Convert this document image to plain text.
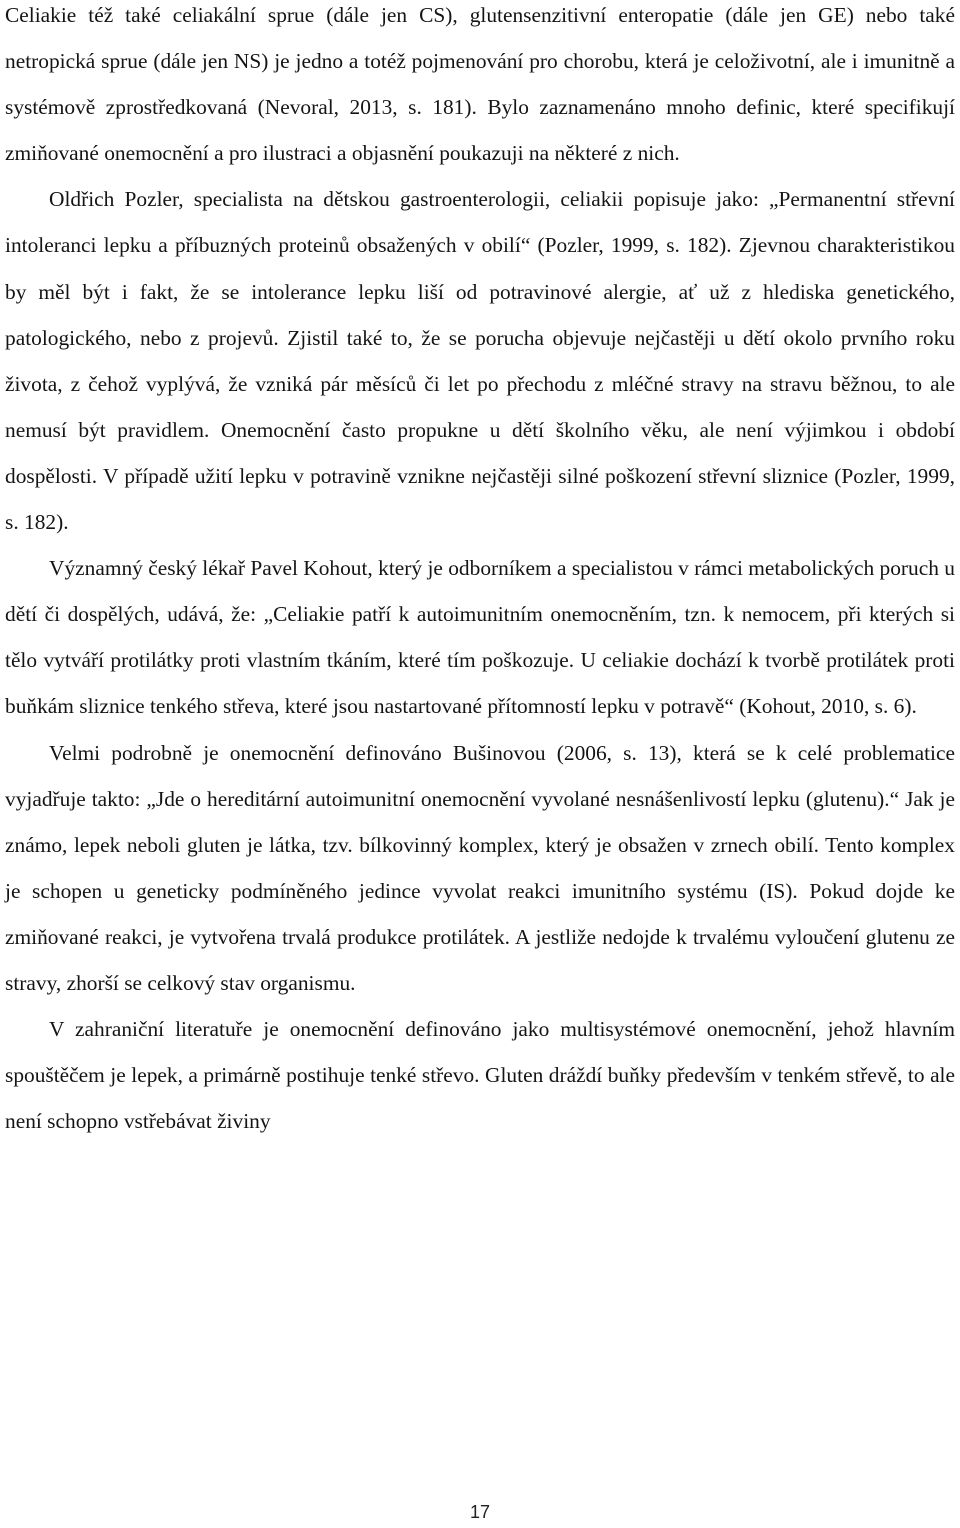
Celiakie též také celiakální sprue (dále jen CS), glutensenzitivní enteropatie (dále jen GE) nebo také netropická sprue (dále jen NS) je jedno a totéž pojmenování pro chorobu, která je celoživotní, ale i imunitně a systémově zprostředkovaná (Nevoral, 2013, s. 181). Bylo zaznamenáno mnoho definic, které specifikují zmiňované onemocnění a pro ilustraci a objasnění poukazuji na některé z nich.

Oldřich Pozler, specialista na dětskou gastroenterologii, celiakii popisuje jako: „Permanentní střevní intoleranci lepku a příbuzných proteinů obsažených v obilí“ (Pozler, 1999, s. 182). Zjevnou charakteristikou by měl být i fakt, že se intolerance lepku liší od potravinové alergie, ať už z hlediska genetického, patologického, nebo z projevů. Zjistil také to, že se porucha objevuje nejčastěji u dětí okolo prvního roku života, z čehož vyplývá, že vzniká pár měsíců či let po přechodu z mléčné stravy na stravu běžnou, to ale nemusí být pravidlem. Onemocnění často propukne u dětí školního věku, ale není výjimkou i období dospělosti. V případě užití lepku v potravině vznikne nejčastěji silné poškození střevní sliznice (Pozler, 1999, s. 182).

Významný český lékař Pavel Kohout, který je odborníkem a specialistou v rámci metabolických poruch u dětí či dospělých, udává, že: „Celiakie patří k autoimunitním onemocněním, tzn. k nemocem, při kterých si tělo vytváří protilátky proti vlastním tkáním, které tím poškozuje. U celiakie dochází k tvorbě protilátek proti buňkám sliznice tenkého střeva, které jsou nastartované přítomností lepku v potravě“ (Kohout, 2010, s. 6).

Velmi podrobně je onemocnění definováno Bušinovou (2006, s. 13), která se k celé problematice vyjadřuje takto: „Jde o hereditární autoimunitní onemocnění vyvolané nesnášenlivostí lepku (glutenu).“ Jak je známo, lepek neboli gluten je látka, tzv. bílkovinný komplex, který je obsažen v zrnech obilí. Tento komplex je schopen u geneticky podmíněného jedince vyvolat reakci imunitního systému (IS). Pokud dojde ke zmiňované reakci, je vytvořena trvalá produkce protilátek. A jestliže nedojde k trvalému vyloučení glutenu ze stravy, zhorší se celkový stav organismu.

V zahraniční literatuře je onemocnění definováno jako multisystémové onemocnění, jehož hlavním spouštěčem je lepek, a primárně postihuje tenké střevo. Gluten dráždí buňky především v tenkém střevě, to ale není schopno vstřebávat živiny

17
